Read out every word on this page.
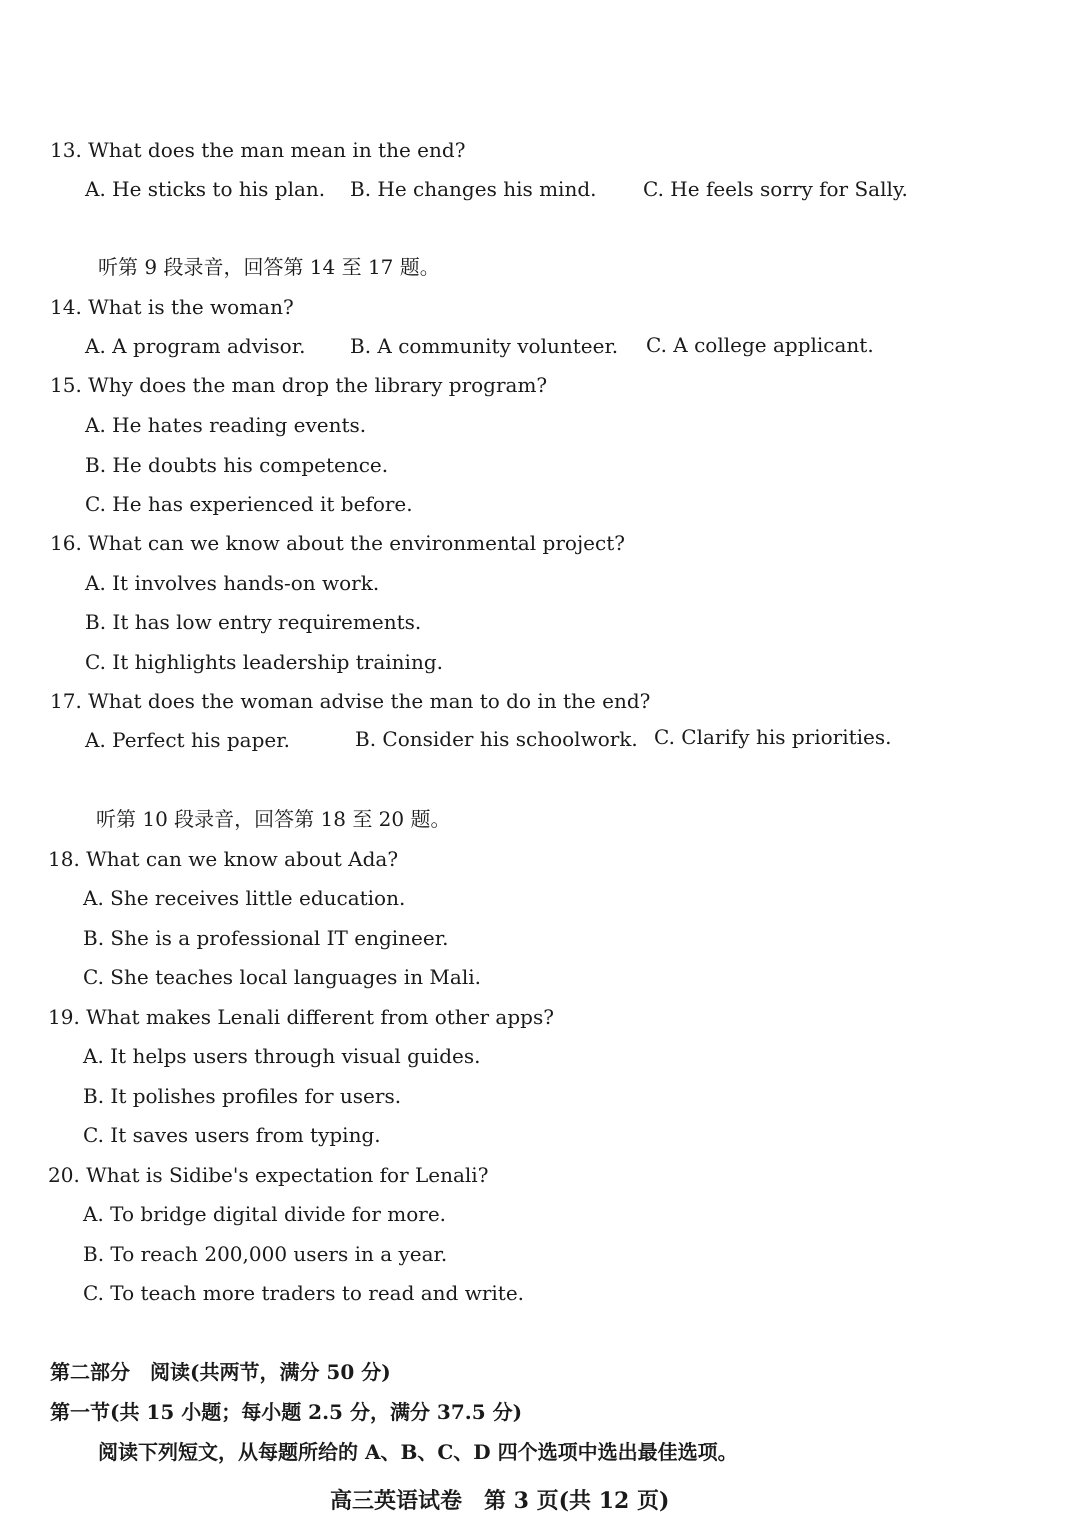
13. What does the man mean in the end?
A. He sticks to his plan. B. He changes his mind. C. He feels sorry for Sally.
听第 9 段录音，回答第 14 至 17 题。
14. What is the woman?
A. A program advisor. B. A community volunteer. C. A college applicant.
15. Why does the man drop the library program?
A. He hates reading events.
B. He doubts his competence.
C. He has experienced it before.
16. What can we know about the environmental project?
A. It involves hands-on work.
B. It has low entry requirements.
C. It highlights leadership training.
17. What does the woman advise the man to do in the end?
A. Perfect his paper.	B. Consider his schoolwork. C. Clarify his priorities.
听第 10 段录音，回答第 18 至 20 题。
18. What can we know about Ada?
A. She receives little education.
B. She is a professional IT engineer.
C. She teaches local languages in Mali.
19. What makes Lenali different from other apps?
A. It helps users through visual guides.
B. It polishes profiles for users.
C. It saves users from typing.
20. What is Sidibe's expectation for Lenali?
A. To bridge digital divide for more.
B. To reach 200,000 users in a year.
C. To teach more traders to read and write.
第二部分　阅读(共两节，满分 50 分)
第一节(共 15 小题；每小题 2.5 分，满分 37.5 分)
阅读下列短文，从每题所给的 A、B、C、D 四个选项中选出最佳选项。
高三英语试卷　第 3 页(共 12 页)
